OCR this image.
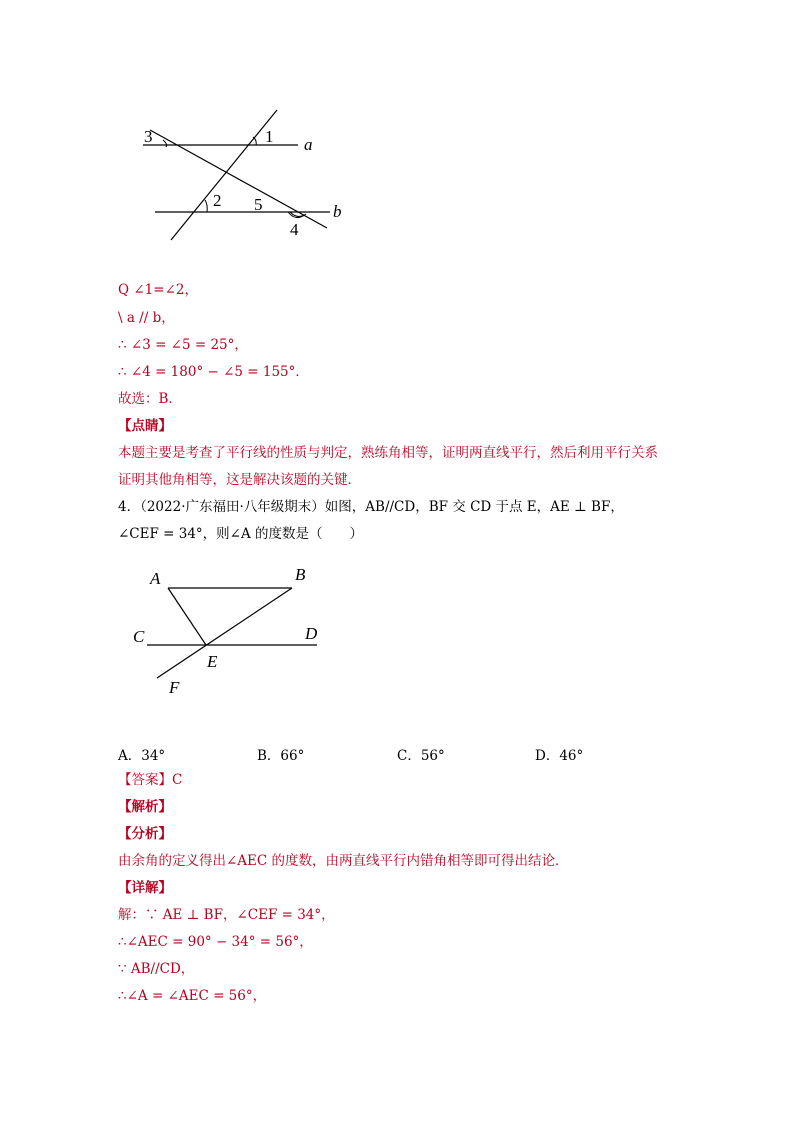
3	1 a
2 5	b
4
Q ∠1=∠2，
\ a // b，
∴ ∠3 = ∠5 = 25°，
∴ ∠4 = 180° − ∠5 = 155°．
故选：B．
【点睛】
本题主要是考查了平行线的性质与判定，熟练角相等，证明两直线平行，然后利用平行关系
证明其他角相等，这是解决该题的关键．
4．（2022·广东福田·八年级期末）如图，AB//CD，BF 交 CD 于点 E，AE ⊥ BF，
∠CEF = 34°，则∠A 的度数是（　　）
A	B
C	D
E
F
A．34°	B．66°	C．56°	D．46°
【答案】C
【解析】
【分析】
由余角的定义得出∠AEC 的度数，由两直线平行内错角相等即可得出结论．
【详解】
解：∵ AE ⊥ BF，∠CEF = 34°，
∴∠AEC = 90° − 34° = 56°，
∵ AB//CD，
∴∠A = ∠AEC = 56°，
